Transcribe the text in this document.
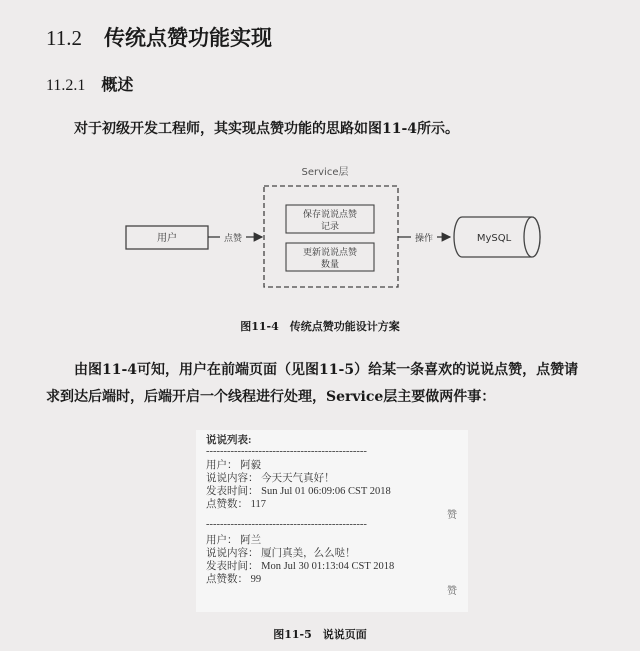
11.2 传统点赞功能实现
11.2.1 概述
对于初级开发工程师，其实现点赞功能的思路如图11-4所示。
Service层
用户	点赞
保存说说点赞
记录
更新说说点赞
数量
操作	MySQL
图11-4　传统点赞功能设计方案
由图11-4可知，用户在前端页面（见图11-5）给某一条喜欢的说说点赞，点赞请
求到达后端时，后端开启一个线程进行处理，Service层主要做两件事：
说说列表:
----------------------------------------------
用户： 阿毅
说说内容： 今天天气真好！
发表时间： Sun Jul 01 06:09:06 CST 2018
点赞数： 117
赞
----------------------------------------------
用户： 阿兰
说说内容： 厦门真美，么么哒！
发表时间： Mon Jul 30 01:13:04 CST 2018
点赞数： 99
赞
图11-5　说说页面
